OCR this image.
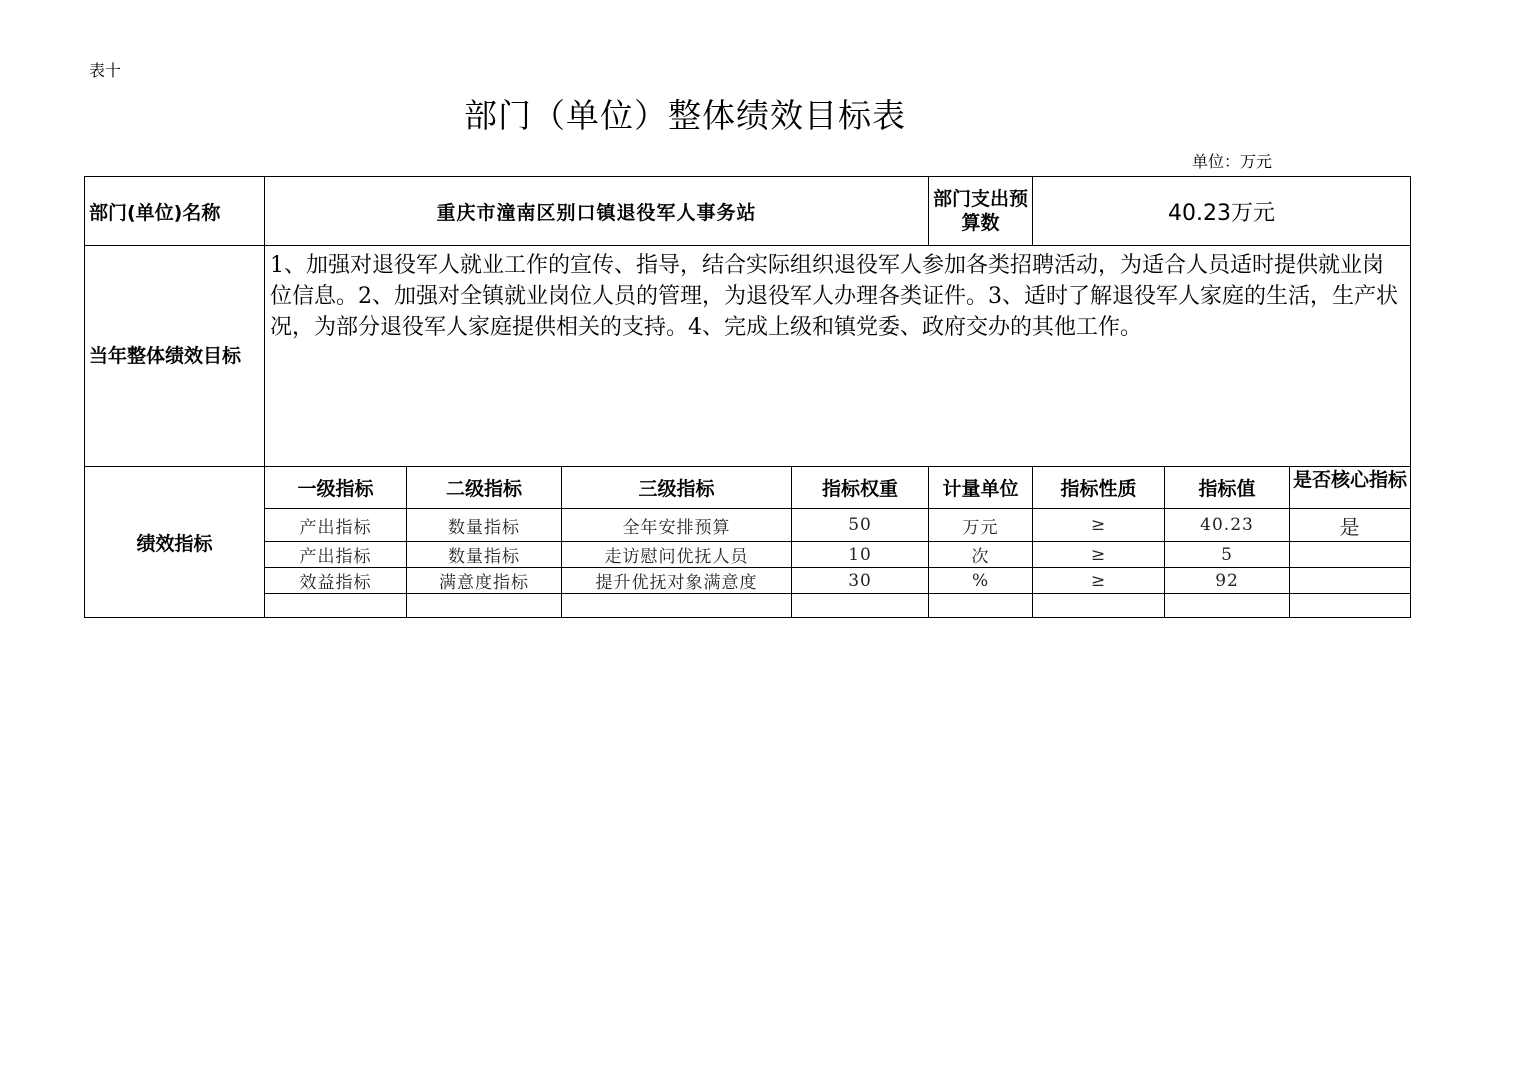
表十
部门（单位）整体绩效目标表
单位：万元
部门(单位)名称	重庆市潼南区别口镇退役军人事务站				部门支出预算数	40.23万元		
当年整体绩效目标	1、加强对退役军人就业工作的宣传、指导，结合实际组织退役军人参加各类招聘活动，为适合人员适时提供就业岗位信息。2、加强对全镇就业岗位人员的管理，为退役军人办理各类证件。3、适时了解退役军人家庭的生活，生产状况，为部分退役军人家庭提供相关的支持。4、完成上级和镇党委、政府交办的其他工作。							
绩效指标	一级指标	二级指标	三级指标	指标权重	计量单位	指标性质	指标值	是否核心指标

	产出指标	数量指标	全年安排预算	50	万元	≥	40.23	是
	产出指标	数量指标	走访慰问优抚人员	10	次	≥	5	
	效益指标	满意度指标	提升优抚对象满意度	30	%	≥	92	
